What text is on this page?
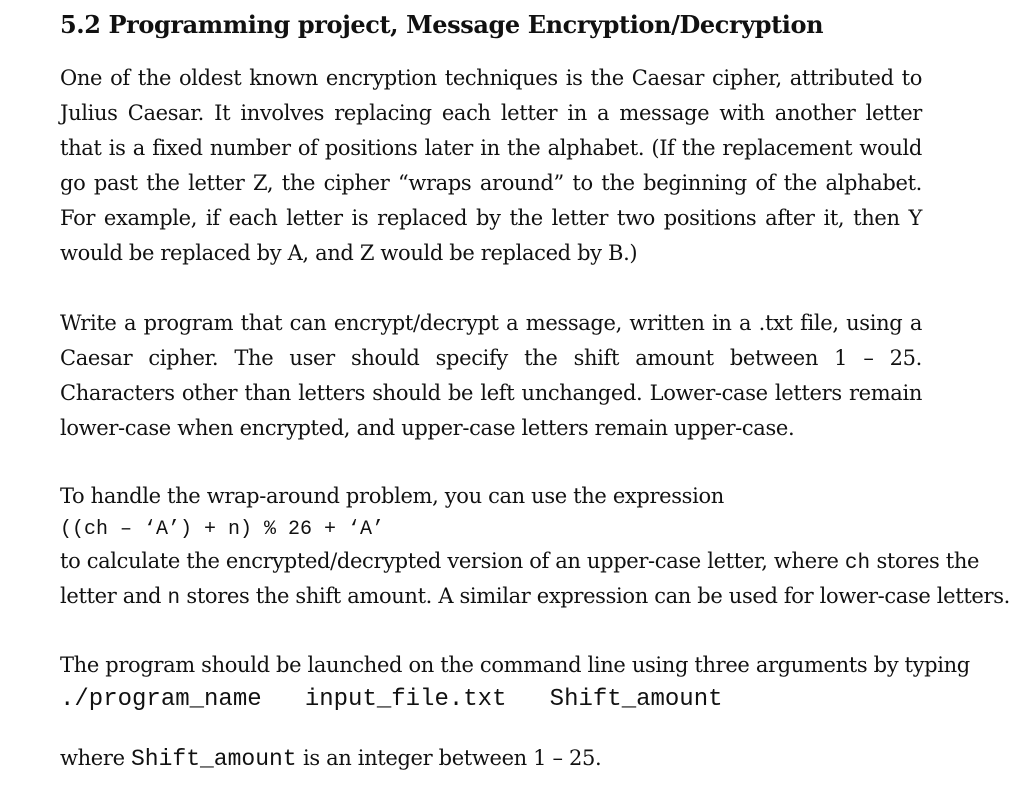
5.2 Programming project, Message Encryption/Decryption

One of the oldest known encryption techniques is the Caesar cipher, attributed to Julius Caesar. It involves replacing each letter in a message with another letter that is a fixed number of positions later in the alphabet. (If the replacement would go past the letter Z, the cipher “wraps around” to the beginning of the alphabet. For example, if each letter is replaced by the letter two positions after it, then Y would be replaced by A, and Z would be replaced by B.)

Write a program that can encrypt/decrypt a message, written in a .txt file, using a Caesar cipher. The user should specify the shift amount between 1 – 25. Characters other than letters should be left unchanged. Lower-case letters remain lower-case when encrypted, and upper-case letters remain upper-case.

To handle the wrap-around problem, you can use the expression
((ch – ‘A’) + n) % 26 + ‘A’
to calculate the encrypted/decrypted version of an upper-case letter, where ch stores the
letter and n stores the shift amount. A similar expression can be used for lower-case letters.
The program should be launched on the command line using three arguments by typing
./program_name   input_file.txt   Shift_amount
where Shift_amount is an integer between 1 – 25.
